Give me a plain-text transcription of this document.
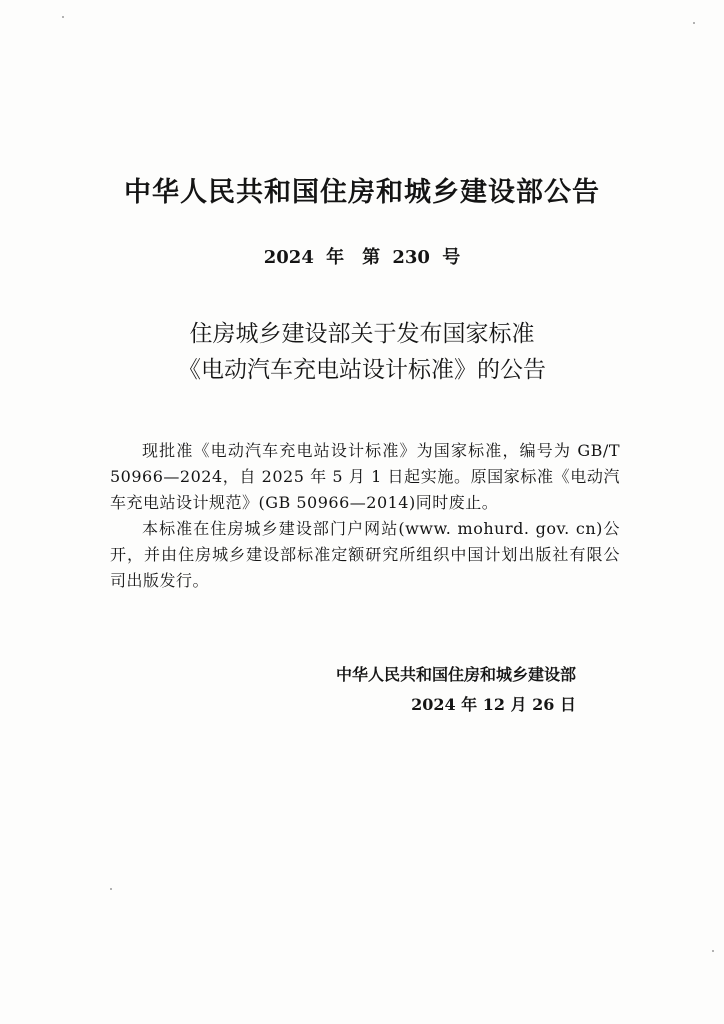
中华人民共和国住房和城乡建设部公告
2024 年　第 230 号
住房城乡建设部关于发布国家标准
《电动汽车充电站设计标准》的公告

现批准《电动汽车充电站设计标准》为国家标准，编号为 GB/T 50966—2024，自 2025 年 5 月 1 日起实施。原国家标准《电动汽车充电站设计规范》(GB 50966—2014)同时废止。

本标准在住房城乡建设部门户网站(www. mohurd. gov. cn)公开，并由住房城乡建设部标准定额研究所组织中国计划出版社有限公司出版发行。

中华人民共和国住房和城乡建设部
2024 年 12 月 26 日
